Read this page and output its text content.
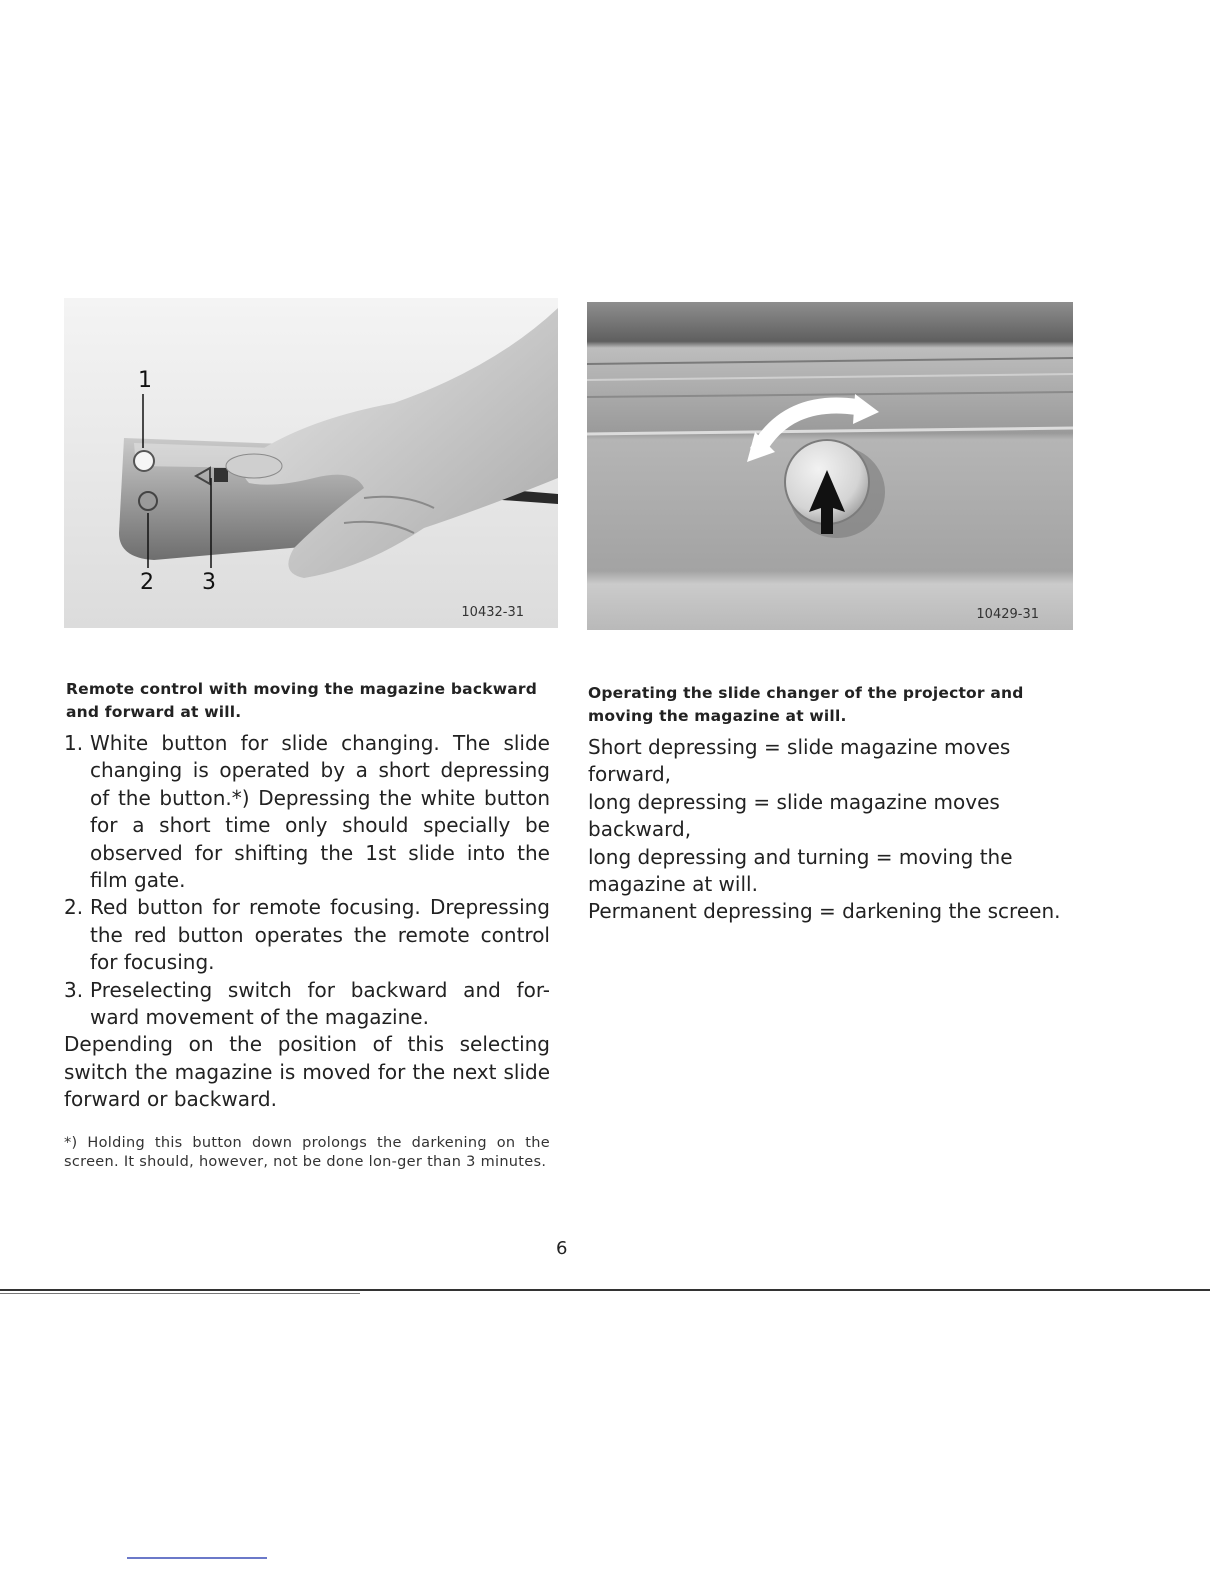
1
2 3
10432-31	10429-31
Remote control with moving the magazine backward and forward at will.
Operating the slide changer of the projector and moving the magazine at will.
1. White button for slide changing. The slide changing is operated by a short depressing of the button.*) Depressing the white button for a short time only should specially be observed for shifting the 1st slide into the film gate.
2. Red button for remote focusing. Drepressing the red button operates the remote control for focusing.
3. Preselecting switch for backward and for-ward movement of the magazine.

Depending on the position of this selecting switch the magazine is moved for the next slide forward or backward.

*) Holding this button down prolongs the darkening on the screen. It should, however, not be done lon-ger than 3 minutes.

Short depressing = slide magazine moves forward,

long depressing = slide magazine moves backward,

long depressing and turning = moving the magazine at will.

Permanent depressing = darkening the screen.

6
